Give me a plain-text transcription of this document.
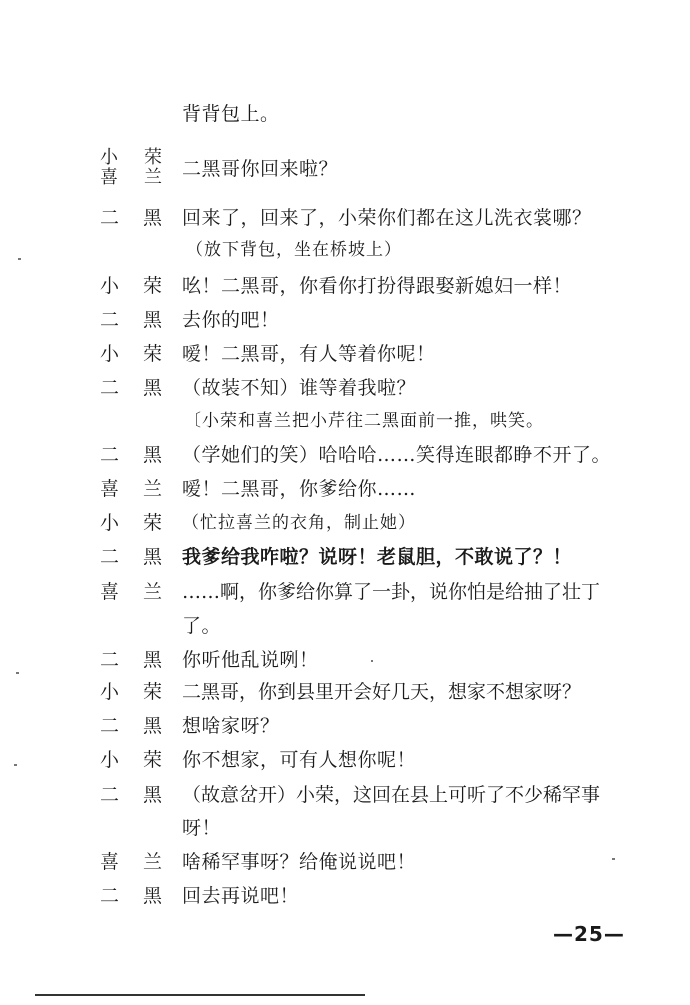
背背包上。
小 荣
喜 兰 二黑哥你回来啦？
二 黑 回来了，回来了，小荣你们都在这儿洗衣裳哪？
（放下背包，坐在桥坡上）
小 荣 吆！二黑哥，你看你打扮得跟娶新媳妇一样！
二 黑 去你的吧！
小 荣 嗳！二黑哥，有人等着你呢！
二 黑 （故装不知）谁等着我啦？
〔小荣和喜兰把小芹往二黑面前一推，哄笑。
二 黑 （学她们的笑）哈哈哈……笑得连眼都睁不开了。
喜 兰 嗳！二黑哥，你爹给你……
小 荣 （忙拉喜兰的衣角，制止她）
二 黑 我爹给我咋啦？说呀！老鼠胆，不敢说了？！
喜 兰 ……啊，你爹给你算了一卦，说你怕是给抽了壮丁
了。
二 黑 你听他乱说咧！
小 荣 二黑哥，你到县里开会好几天，想家不想家呀？
二 黑 想啥家呀？
小 荣 你不想家，可有人想你呢！
二 黑 （故意岔开）小荣，这回在县上可听了不少稀罕事
呀！
喜 兰 啥稀罕事呀？给俺说说吧！
二 黑 回去再说吧！
—25—
